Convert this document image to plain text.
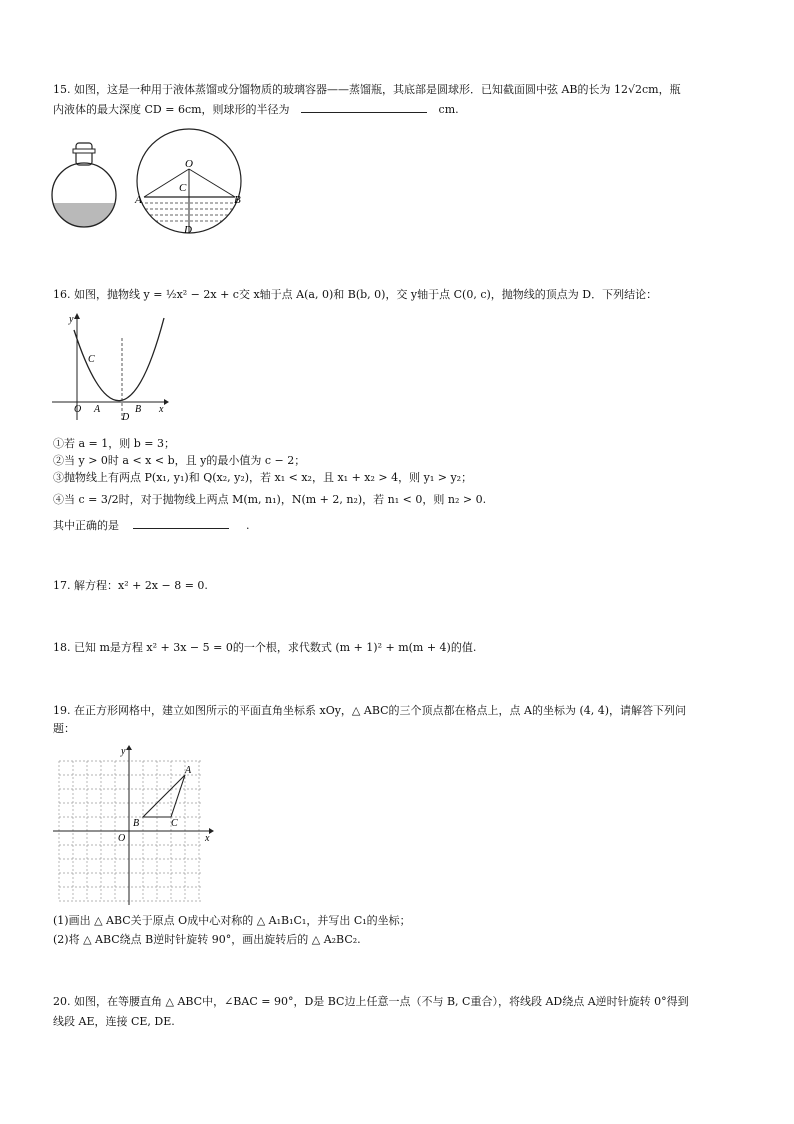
15. 如图，这是一种用于液体蒸馏或分馏物质的玻璃容器——蒸馏瓶，其底部是圆球形．已知截面圆中弦 AB的长为 12√2cm，瓶
内液体的最大深度 CD = 6cm，则球形的半径为	cm.
O
C
A	B
D
16. 如图，抛物线 y = ½x² − 2x + c交 x轴于点 A(a, 0)和 B(b, 0)，交 y轴于点 C(0, c)，抛物线的顶点为 D．下列结论：
y
C
O A	B
D
x
①若 a = 1，则 b = 3；
②当 y > 0时 a < x < b，且 y的最小值为 c − 2；
③抛物线上有两点 P(x₁, y₁)和 Q(x₂, y₂)，若 x₁ < x₂，且 x₁ + x₂ > 4，则 y₁ > y₂；
④当 c = 3/2时，对于抛物线上两点 M(m, n₁)，N(m + 2, n₂)，若 n₁ < 0，则 n₂ > 0.
其中正确的是	.
17. 解方程：x² + 2x − 8 = 0.
18. 已知 m是方程 x² + 3x − 5 = 0的一个根，求代数式 (m + 1)² + m(m + 4)的值.
19. 在正方形网格中，建立如图所示的平面直角坐标系 xOy，△ ABC的三个顶点都在格点上，点 A的坐标为 (4, 4)，请解答下列问
题：
y
A
B	C
O	x
(1)画出 △ ABC关于原点 O成中心对称的 △ A₁B₁C₁，并写出 C₁的坐标；
(2)将 △ ABC绕点 B逆时针旋转 90°，画出旋转后的 △ A₂BC₂.
20. 如图，在等腰直角 △ ABC中，∠BAC = 90°，D是 BC边上任意一点（不与 B, C重合），将线段 AD绕点 A逆时针旋转 0°得到
线段 AE，连接 CE, DE.
